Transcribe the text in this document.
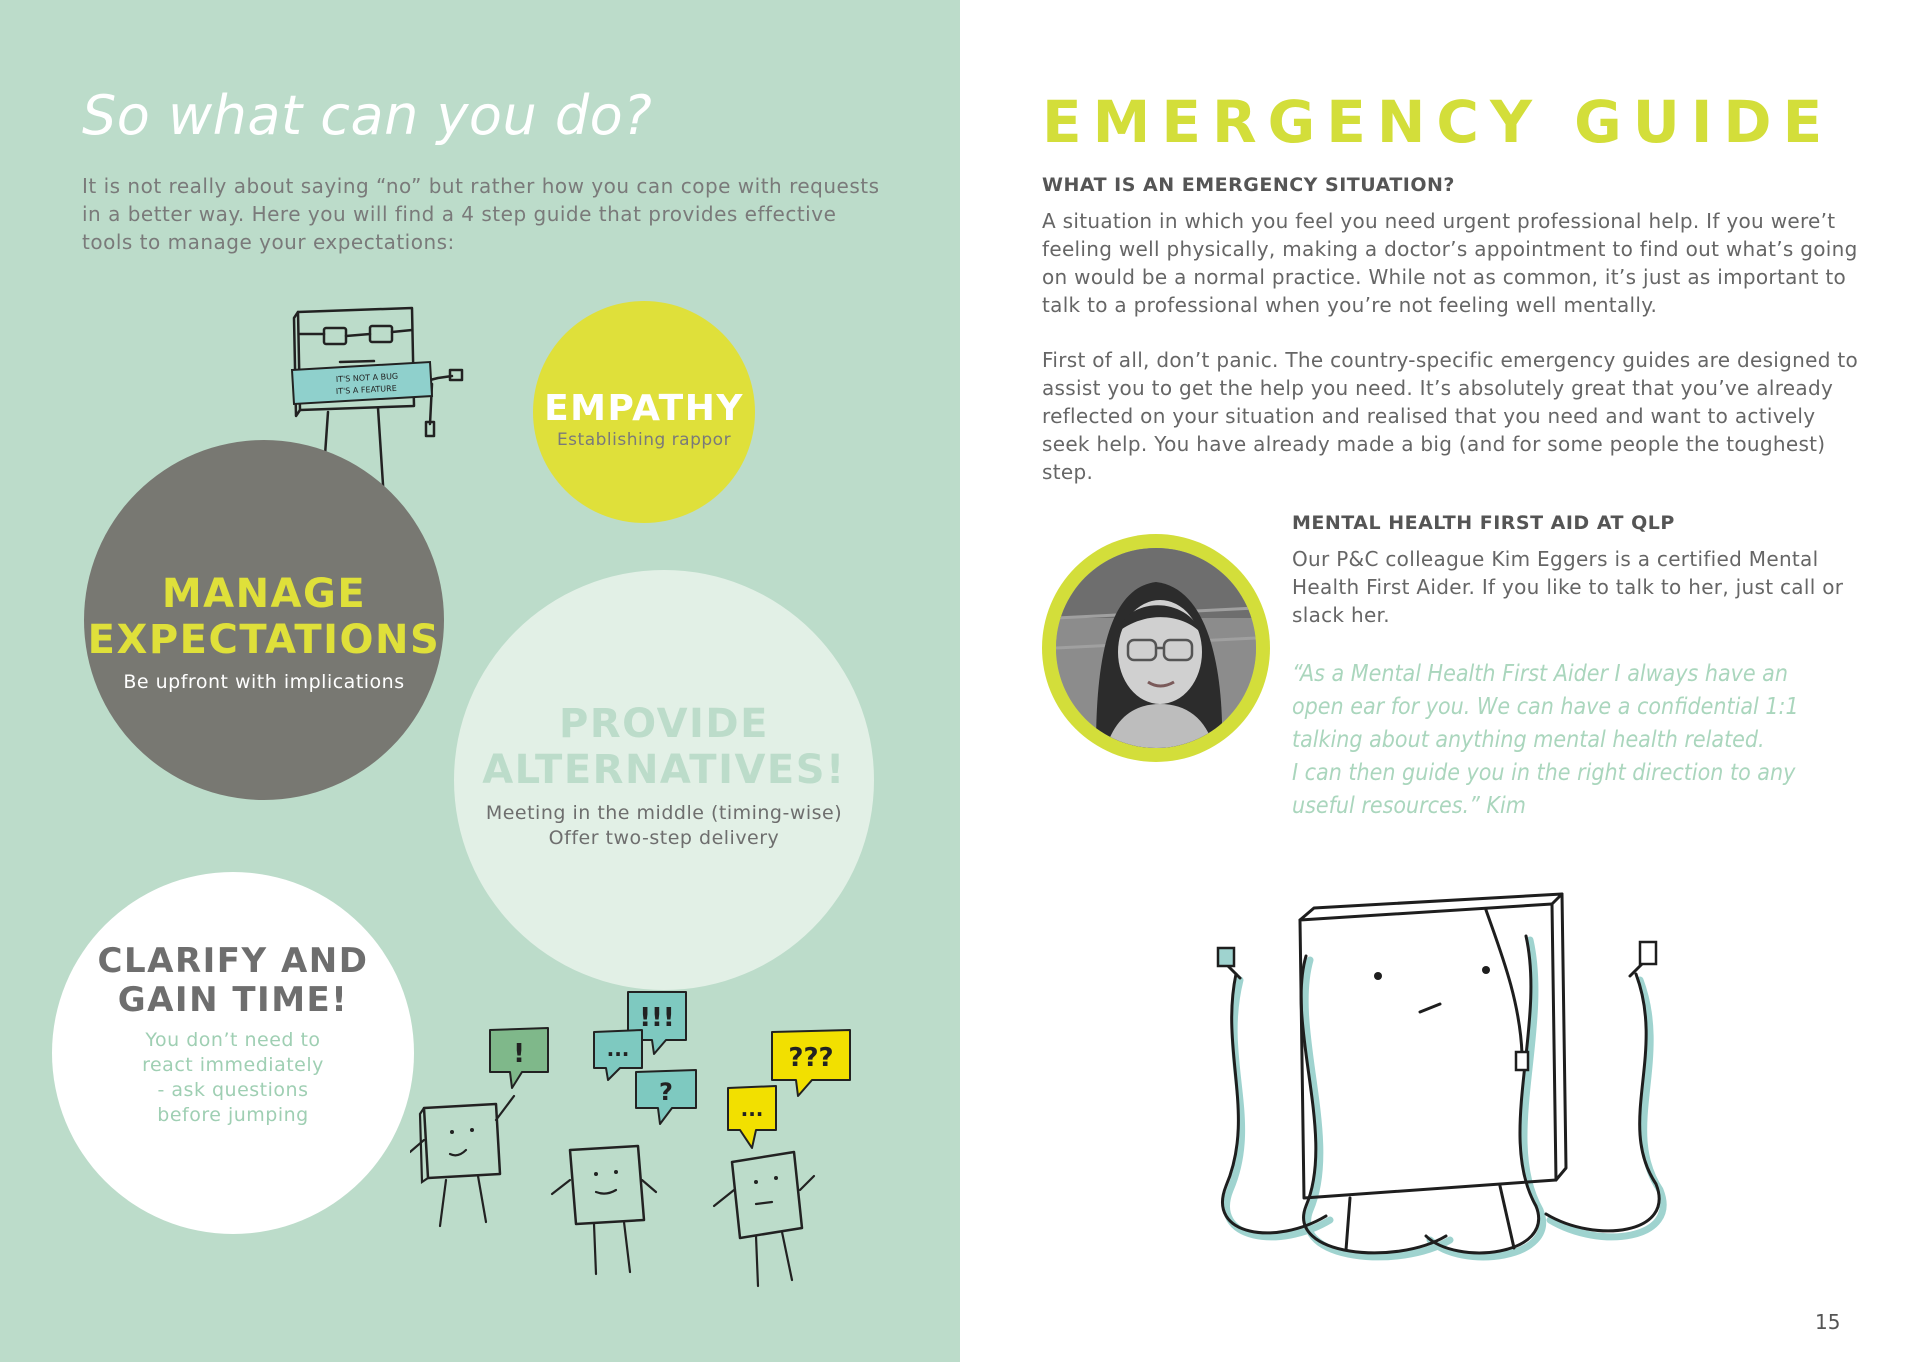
So what can you do?

It is not really about saying “no” but rather how you can cope with requests in a better way. Here you will find a 4 step guide that provides effective tools to manage your expectations:

IT'S NOT A BUG
IT'S A FEATURE	EMPATHY
Establishing rappor
MANAGE
EXPECTATIONS
Be upfront with implications
PROVIDE
ALTERNATIVES!
Meeting in the middle (timing-wise)
Offer two-step delivery
CLARIFY AND
GAIN TIME!
You don’t need to
react immediately
- ask questions
before jumping
!
!!!
...
?
???
...
EMERGENCY GUIDE
WHAT IS AN EMERGENCY SITUATION?

A situation in which you feel you need urgent professional help. If you were’t feeling well physically, making a doctor’s appointment to find out what’s going on would be a normal practice. While not as common, it’s just as important to talk to a professional when you’re not feeling well mentally.

First of all, don’t panic. The country-specific emergency guides are designed to assist you to get the help you need. It’s absolutely great that you’ve already reflected on your situation and realised that you need and want to actively seek help. You have already made a big (and for some people the toughest) step.

MENTAL HEALTH FIRST AID AT QLP

Our P&C colleague Kim Eggers is a certified Mental Health First Aider. If you like to talk to her, just call or slack her.

“As a Mental Health First Aider I always have an
open ear for you. We can have a confidential 1:1
talking about anything mental health related.
I can then guide you in the right direction to any
useful resources.” Kim

15
